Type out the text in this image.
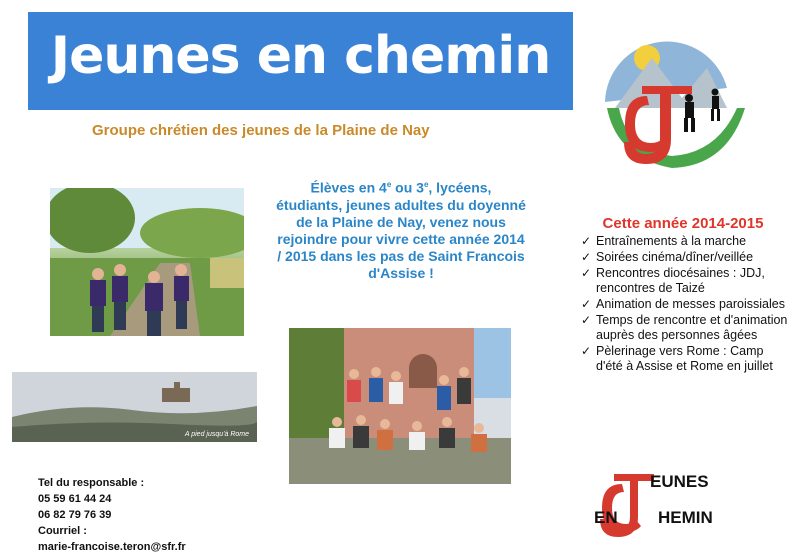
Jeunes en chemin
Groupe chrétien des jeunes de la Plaine de Nay
A pied jusqu'à Rome
Élèves en 4e ou 3e, lycéens, étudiants, jeunes adultes du doyenné de la Plaine de Nay, venez nous rejoindre pour vivre cette année 2014 / 2015 dans les pas de Saint Francois d'Assise !
Cette année 2014-2015
✓ Entraînements à la marche
✓ Soirées cinéma/dîner/veillée
✓ Rencontres diocésaines : JDJ, rencontres de Taizé
✓ Animation de messes paroissiales
✓ Temps de rencontre et d'animation auprès des personnes âgées
✓ Pèlerinage vers Rome : Camp d'été à Assise et Rome en juillet
Tel du responsable :
05 59 61 44 24
06 82 79 76 39
Courriel :
marie-francoise.teron@sfr.fr
EUNES
EN HEMIN
